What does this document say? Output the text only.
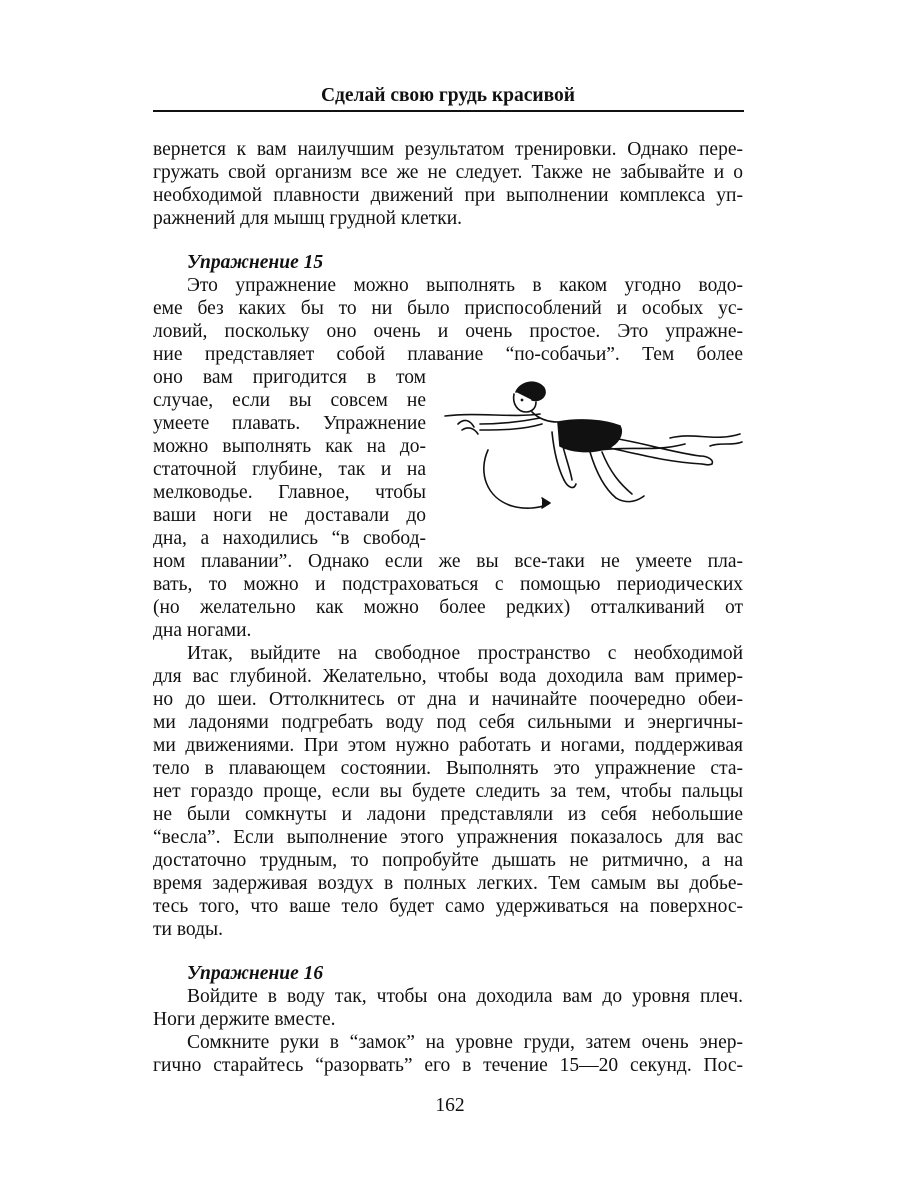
Сделай свою грудь красивой
вернется к вам наилучшим результатом тренировки. Однако пере-
гружать свой организм все же не следует. Также не забывайте и о
необходимой плавности движений при выполнении комплекса уп-
ражнений для мышц грудной клетки.
Упражнение 15
Это упражнение можно выполнять в каком угодно водо-
еме без каких бы то ни было приспособлений и особых ус-
ловий, поскольку оно очень и очень простое. Это упражне-
ние представляет собой плавание “по-собачьи”. Тем более
оно вам пригодится в том
случае, если вы совсем не
умеете плавать. Упражнение
можно выполнять как на до-
статочной глубине, так и на
мелководье. Главное, чтобы
ваши ноги не доставали до
дна, а находились “в свобод-
ном плавании”. Однако если же вы все-таки не умеете пла-
вать, то можно и подстраховаться с помощью периодических
(но желательно как можно более редких) отталкиваний от
дна ногами.
Итак, выйдите на свободное пространство с необходимой
для вас глубиной. Желательно, чтобы вода доходила вам пример-
но до шеи. Оттолкнитесь от дна и начинайте поочередно обеи-
ми ладонями подгребать воду под себя сильными и энергичны-
ми движениями. При этом нужно работать и ногами, поддерживая
тело в плавающем состоянии. Выполнять это упражнение ста-
нет гораздо проще, если вы будете следить за тем, чтобы пальцы
не были сомкнуты и ладони представляли из себя небольшие
“весла”. Если выполнение этого упражнения показалось для вас
достаточно трудным, то попробуйте дышать не ритмично, а на
время задерживая воздух в полных легких. Тем самым вы добье-
тесь того, что ваше тело будет само удерживаться на поверхнос-
ти воды.
Упражнение 16
Войдите в воду так, чтобы она доходила вам до уровня плеч.
Ноги держите вместе.
Сомкните руки в “замок” на уровне груди, затем очень энер-
гично старайтесь “разорвать” его в течение 15—20 секунд. Пос-
162
